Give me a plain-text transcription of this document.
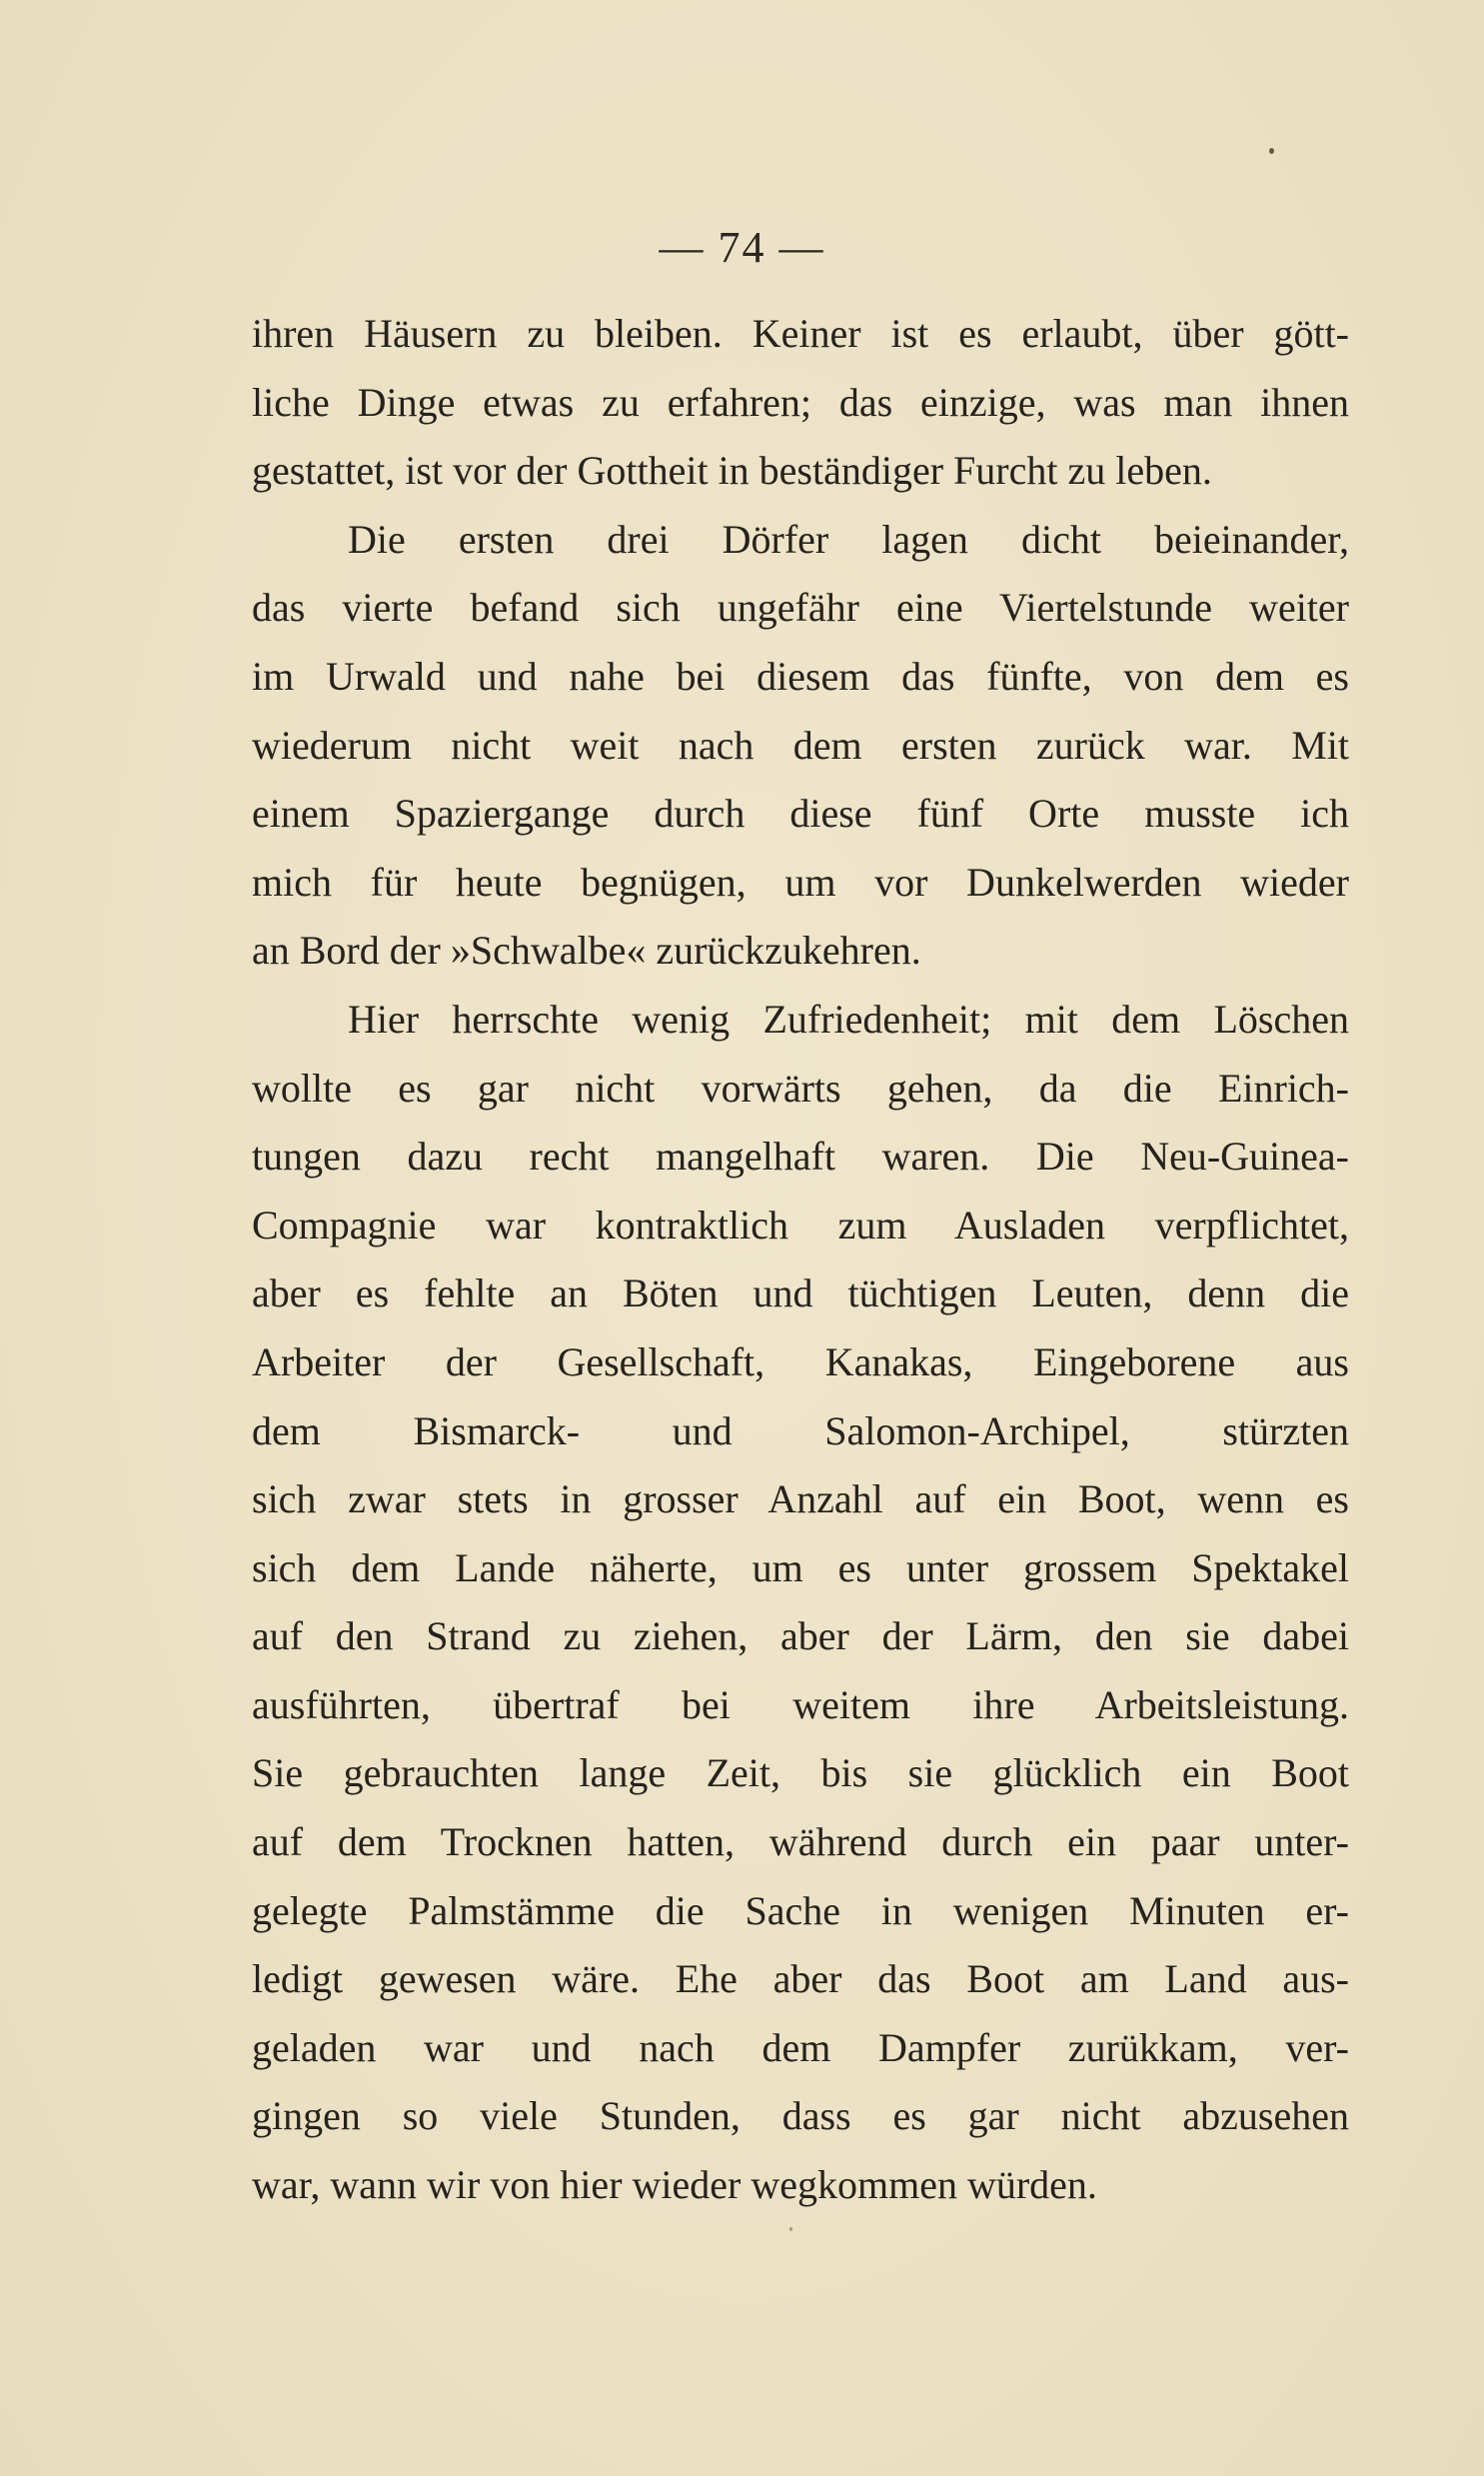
— 74 —
ihren Häusern zu bleiben. Keiner ist es erlaubt, über gött-
liche Dinge etwas zu erfahren; das einzige, was man ihnen
gestattet, ist vor der Gottheit in beständiger Furcht zu leben.
Die ersten drei Dörfer lagen dicht beieinander,
das vierte befand sich ungefähr eine Viertelstunde weiter
im Urwald und nahe bei diesem das fünfte, von dem es
wiederum nicht weit nach dem ersten zurück war. Mit
einem Spaziergange durch diese fünf Orte musste ich
mich für heute begnügen, um vor Dunkelwerden wieder
an Bord der »Schwalbe« zurückzukehren.
Hier herrschte wenig Zufriedenheit; mit dem Löschen
wollte es gar nicht vorwärts gehen, da die Einrich-
tungen dazu recht mangelhaft waren. Die Neu-Guinea-
Compagnie war kontraktlich zum Ausladen verpflichtet,
aber es fehlte an Böten und tüchtigen Leuten, denn die
Arbeiter der Gesellschaft, Kanakas, Eingeborene aus
dem Bismarck- und Salomon-Archipel, stürzten
sich zwar stets in grosser Anzahl auf ein Boot, wenn es
sich dem Lande näherte, um es unter grossem Spektakel
auf den Strand zu ziehen, aber der Lärm, den sie dabei
ausführten, übertraf bei weitem ihre Arbeitsleistung.
Sie gebrauchten lange Zeit, bis sie glücklich ein Boot
auf dem Trocknen hatten, während durch ein paar unter-
gelegte Palmstämme die Sache in wenigen Minuten er-
ledigt gewesen wäre. Ehe aber das Boot am Land aus-
geladen war und nach dem Dampfer zurükkam, ver-
gingen so viele Stunden, dass es gar nicht abzusehen
war, wann wir von hier wieder wegkommen würden.
